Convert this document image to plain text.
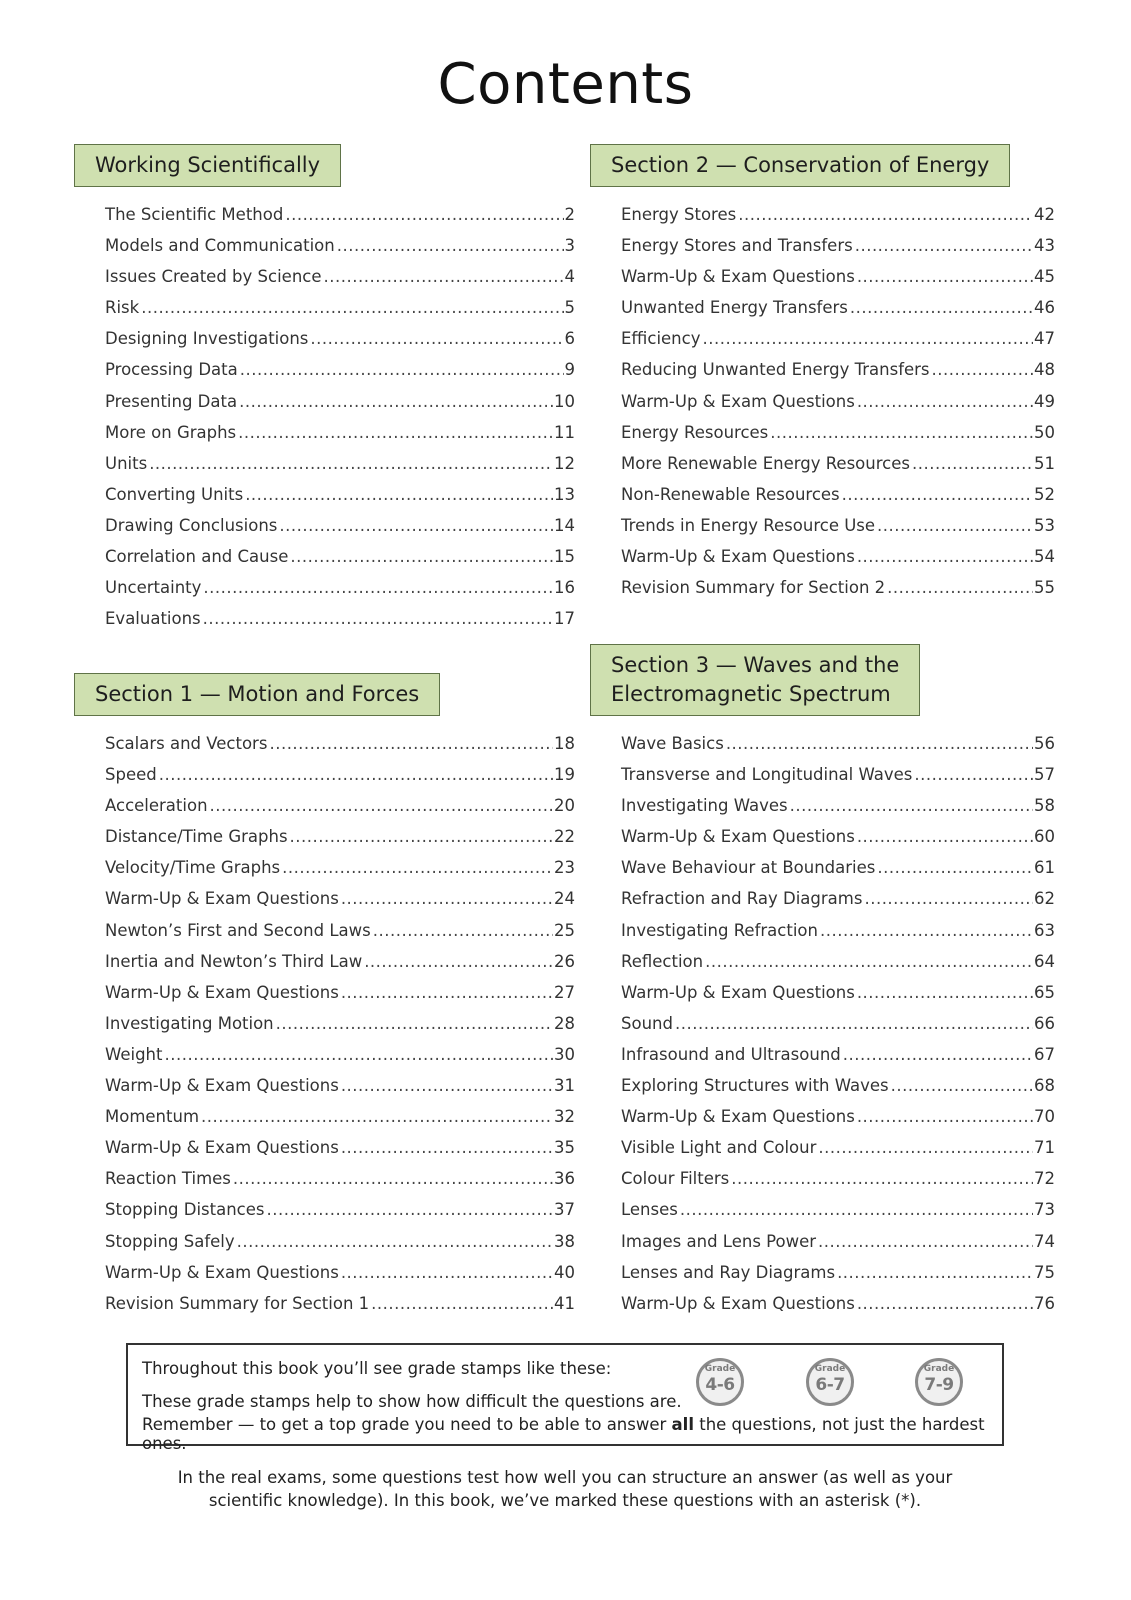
Contents
Working Scientifically
The Scientific Method .....	2
Models and Communication .....	3
Issues Created by Science .....	4
Risk .....	5
Designing Investigations .....	6
Processing Data .....	9
Presenting Data .....	10
More on Graphs .....	11
Units .....	12
Converting Units .....	13
Drawing Conclusions .....	14
Correlation and Cause .....	15
Uncertainty .....	16
Evaluations .....	17
Section 1 — Motion and Forces
Scalars and Vectors .....	18
Speed .....	19
Acceleration .....	20
Distance/Time Graphs .....	22
Velocity/Time Graphs .....	23
Warm-Up & Exam Questions .....	24
Newton’s First and Second Laws .....	25
Inertia and Newton’s Third Law .....	26
Warm-Up & Exam Questions .....	27
Investigating Motion .....	28
Weight .....	30
Warm-Up & Exam Questions .....	31
Momentum .....	32
Warm-Up & Exam Questions .....	35
Reaction Times .....	36
Stopping Distances .....	37
Stopping Safely .....	38
Warm-Up & Exam Questions .....	40
Revision Summary for Section 1 .....	41
Section 2 — Conservation of Energy
Energy Stores .....	42
Energy Stores and Transfers .....	43
Warm-Up & Exam Questions .....	45
Unwanted Energy Transfers .....	46
Efficiency .....	47
Reducing Unwanted Energy Transfers .....	48
Warm-Up & Exam Questions .....	49
Energy Resources .....	50
More Renewable Energy Resources .....	51
Non-Renewable Resources .....	52
Trends in Energy Resource Use .....	53
Warm-Up & Exam Questions .....	54
Revision Summary for Section 2 .....	55
Section 3 — Waves and the
Electromagnetic Spectrum
Wave Basics .....	56
Transverse and Longitudinal Waves .....	57
Investigating Waves .....	58
Warm-Up & Exam Questions .....	60
Wave Behaviour at Boundaries .....	61
Refraction and Ray Diagrams .....	62
Investigating Refraction .....	63
Reflection .....	64
Warm-Up & Exam Questions .....	65
Sound .....	66
Infrasound and Ultrasound .....	67
Exploring Structures with Waves .....	68
Warm-Up & Exam Questions .....	70
Visible Light and Colour .....	71
Colour Filters .....	72
Lenses .....	73
Images and Lens Power .....	74
Lenses and Ray Diagrams .....	75
Warm-Up & Exam Questions .....	76
Throughout this book you’ll see grade stamps like these:
These grade stamps help to show how difficult the questions are.
Remember — to get a top grade you need to be able to answer all the questions, not just the hardest ones.
Grade
4-6
Grade
6-7
Grade
7-9
In the real exams, some questions test how well you can structure an answer (as well as your
scientific knowledge). In this book, we’ve marked these questions with an asterisk (*).
